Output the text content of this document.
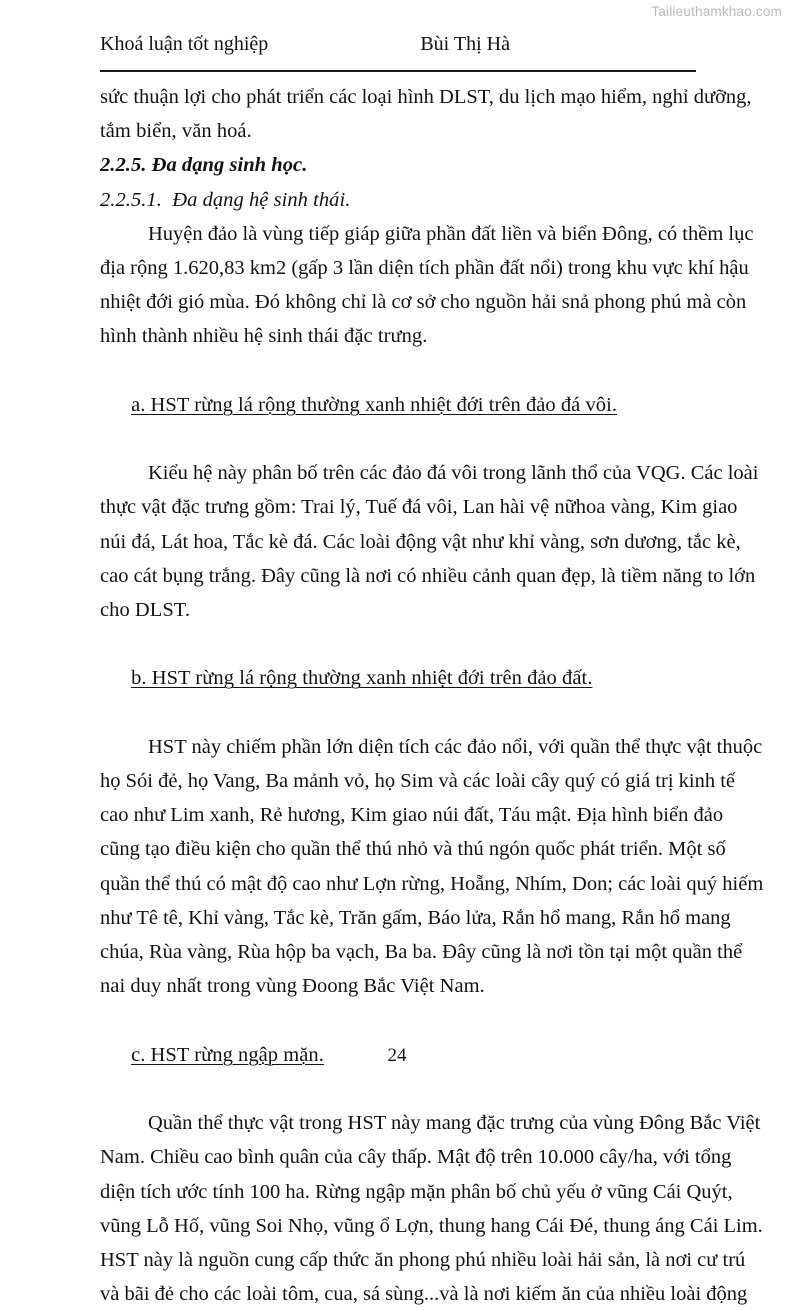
Tailieuthamkhao.com
Khoá luận tốt nghiệp	Bùi Thị Hà
sức thuận lợi cho phát triển các loại hình DLST, du lịch mạo hiểm, nghỉ dưỡng,
tắm biển, văn hoá.
2.2.5. Đa dạng sinh học.
2.2.5.1.  Đa dạng hệ sinh thái.
Huyện đảo là vùng tiếp giáp giữa phần đất liền và biển Đông, có thềm lục
địa rộng 1.620,83 km2 (gấp 3 lần diện tích phần đất nổi) trong khu vực khí hậu
nhiệt đới gió mùa. Đó không chỉ là cơ sở cho nguồn hải snả phong phú mà còn
hình thành nhiều hệ sinh thái đặc trưng.

a. HST rừng lá rộng thường xanh nhiệt đới trên đảo đá vôi.

Kiểu hệ này phân bố trên các đảo đá vôi trong lãnh thổ của VQG. Các loài
thực vật đặc trưng gồm: Trai lý, Tuế đá vôi, Lan hài vệ nữhoa vàng, Kim giao
núi đá, Lát hoa, Tắc kè đá. Các loài động vật như khỉ vàng, sơn dương, tắc kè,
cao cát bụng trắng. Đây cũng là nơi có nhiều cảnh quan đẹp, là tiềm năng to lớn
cho DLST.

b. HST rừng lá rộng thường xanh nhiệt đới trên đảo đất.

HST này chiếm phần lớn diện tích các đảo nổi, với quần thể thực vật thuộc
họ Sói đẻ, họ Vang, Ba mảnh vỏ, họ Sim và các loài cây quý có giá trị kinh tế
cao như Lim xanh, Rẻ hương, Kim giao núi đất, Táu mật. Địa hình biển đảo
cũng tạo điều kiện cho quần thể thú nhỏ và thú ngón quốc phát triển. Một số
quần thể thú có mật độ cao như Lợn rừng, Hoẵng, Nhím, Don; các loài quý hiếm
như Tê tê, Khỉ vàng, Tắc kè, Trăn gấm, Báo lửa, Rắn hổ mang, Rắn hổ mang
chúa, Rùa vàng, Rùa hộp ba vạch, Ba ba. Đây cũng là nơi tồn tại một quần thể
nai duy nhất trong vùng Đoong Bắc Việt Nam.

c. HST rừng ngập mặn.

Quần thể thực vật trong HST này mang đặc trưng của vùng Đông Bắc Việt
Nam. Chiều cao bình quân của cây thấp. Mật độ trên 10.000 cây/ha, với tổng
diện tích ước tính 100 ha. Rừng ngập mặn phân bố chủ yếu ở vũng Cái Quýt,
vũng Lỗ Hố, vũng Soi Nhọ, vũng ổ Lợn, thung hang Cái Đé, thung áng Cái Lim.
HST này là nguồn cung cấp thức ăn phong phú nhiều loài hải sản, là nơi cư trú
và bãi đẻ cho các loài tôm, cua, sá sùng...và là nơi kiếm ăn của nhiều loài động
24
